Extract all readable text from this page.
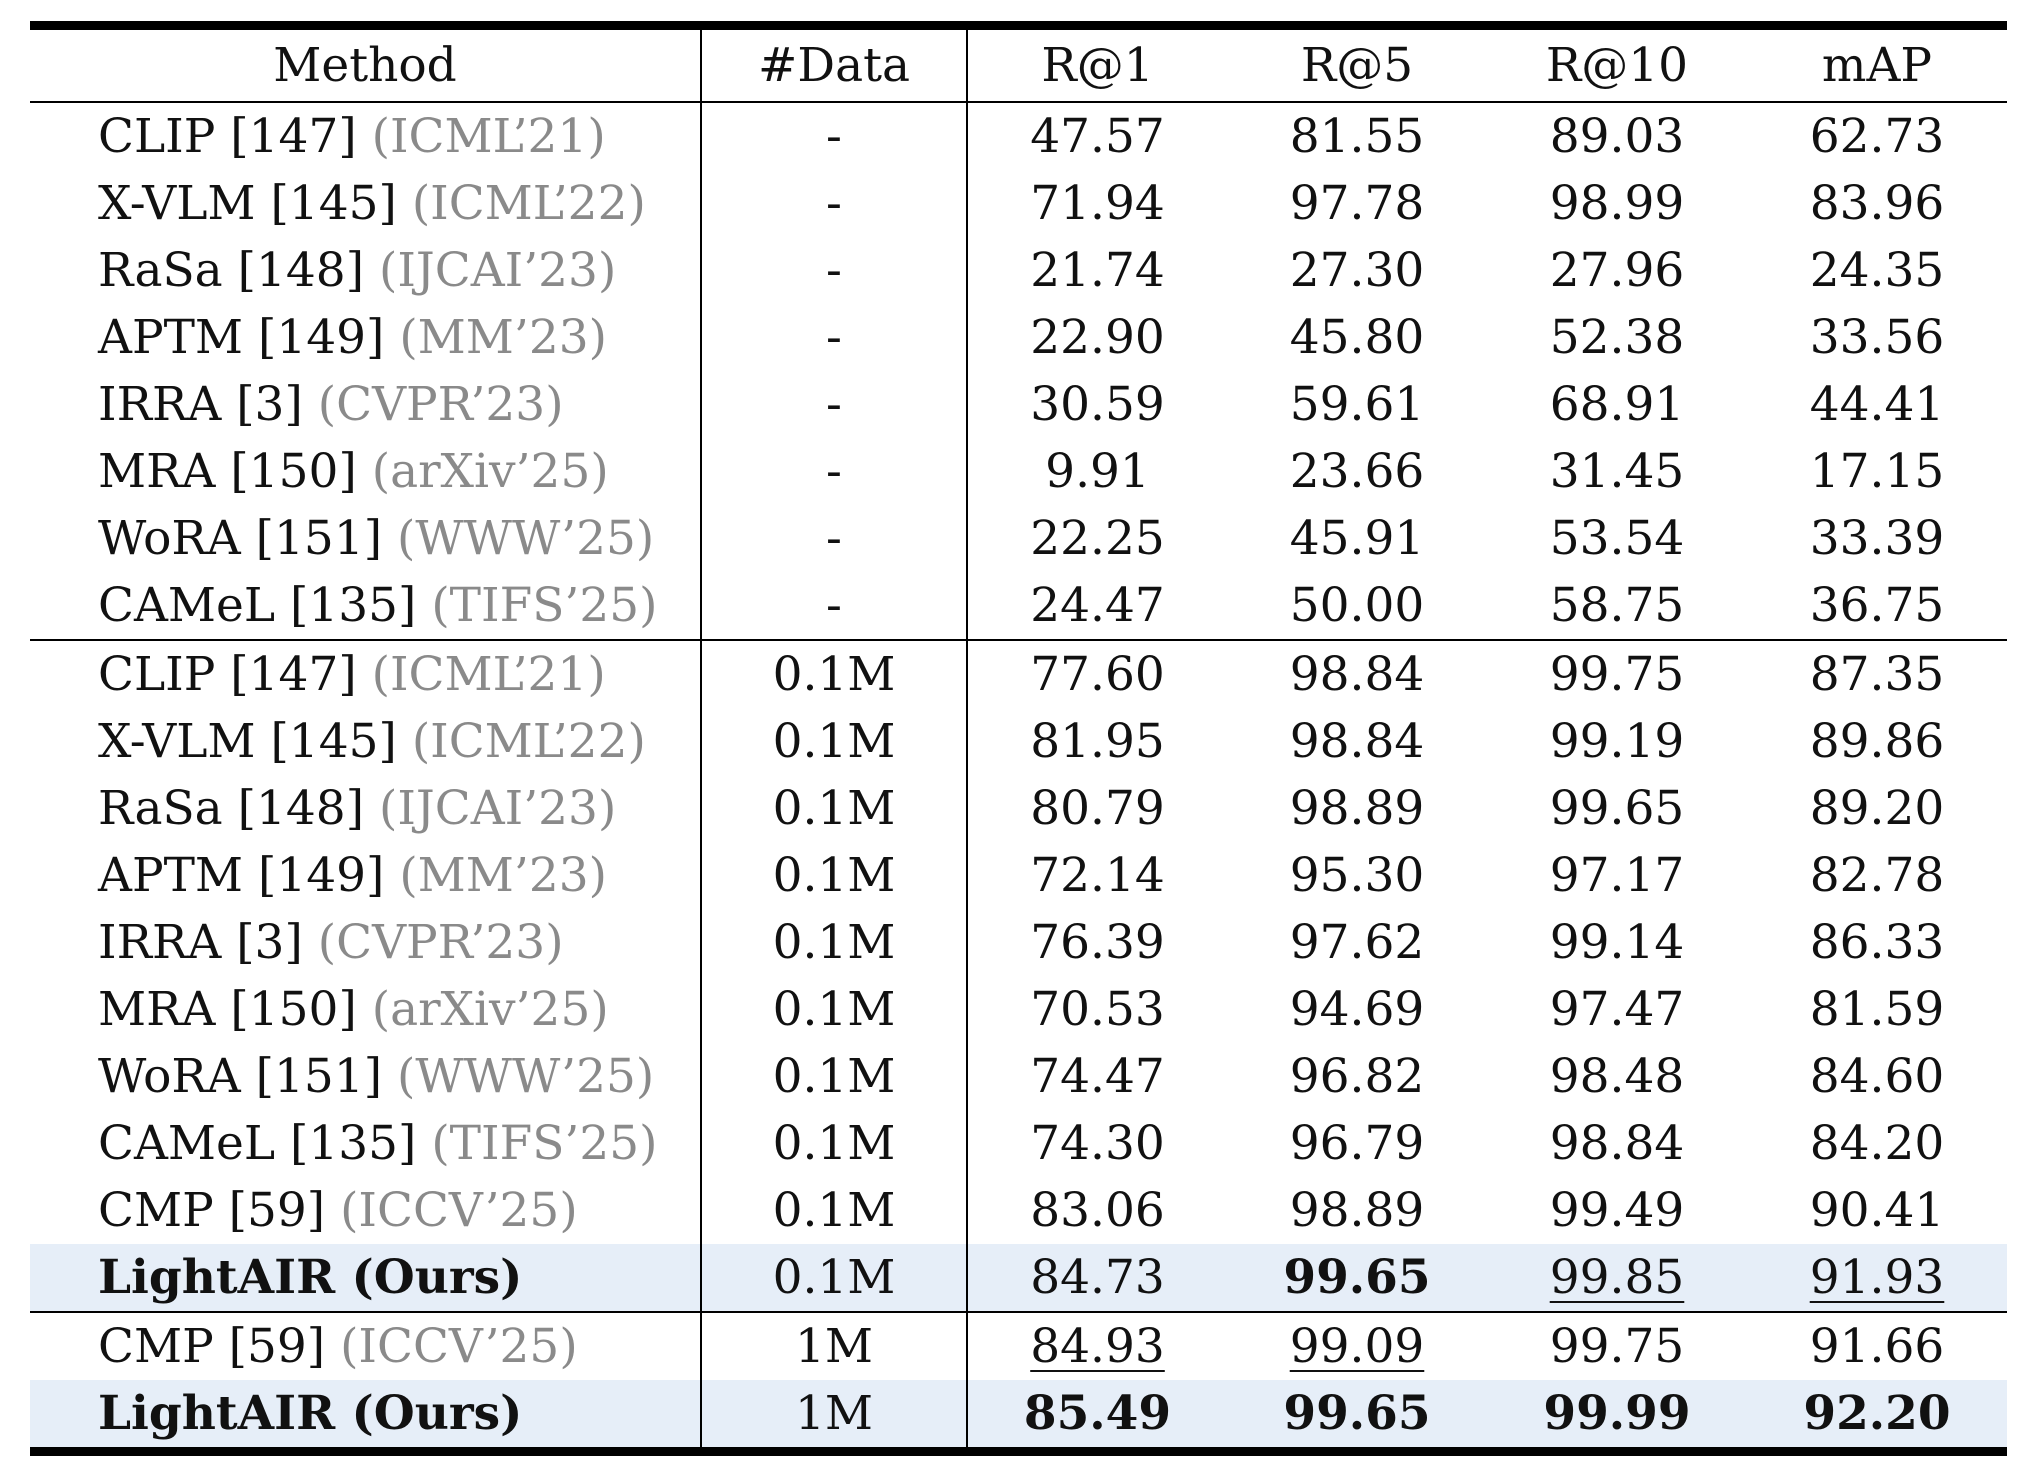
Method	#Data	R@1	R@5	R@10	mAP
CLIP [147] (ICML’21)	-	47.57	81.55	89.03	62.73
X-VLM [145] (ICML’22)	-	71.94	97.78	98.99	83.96
RaSa [148] (IJCAI’23)	-	21.74	27.30	27.96	24.35
APTM [149] (MM’23)	-	22.90	45.80	52.38	33.56
IRRA [3] (CVPR’23)	-	30.59	59.61	68.91	44.41
MRA [150] (arXiv’25)	-	9.91	23.66	31.45	17.15
WoRA [151] (WWW’25)	-	22.25	45.91	53.54	33.39
CAMeL [135] (TIFS’25)	-	24.47	50.00	58.75	36.75
CLIP [147] (ICML’21)	0.1M	77.60	98.84	99.75	87.35
X-VLM [145] (ICML’22)	0.1M	81.95	98.84	99.19	89.86
RaSa [148] (IJCAI’23)	0.1M	80.79	98.89	99.65	89.20
APTM [149] (MM’23)	0.1M	72.14	95.30	97.17	82.78
IRRA [3] (CVPR’23)	0.1M	76.39	97.62	99.14	86.33
MRA [150] (arXiv’25)	0.1M	70.53	94.69	97.47	81.59
WoRA [151] (WWW’25)	0.1M	74.47	96.82	98.48	84.60
CAMeL [135] (TIFS’25)	0.1M	74.30	96.79	98.84	84.20
CMP [59] (ICCV’25)	0.1M	83.06	98.89	99.49	90.41
LightAIR (Ours)	0.1M	84.73	99.65	99.85	91.93
CMP [59] (ICCV’25)	1M	84.93	99.09	99.75	91.66
LightAIR (Ours)	1M	85.49	99.65	99.99	92.20
